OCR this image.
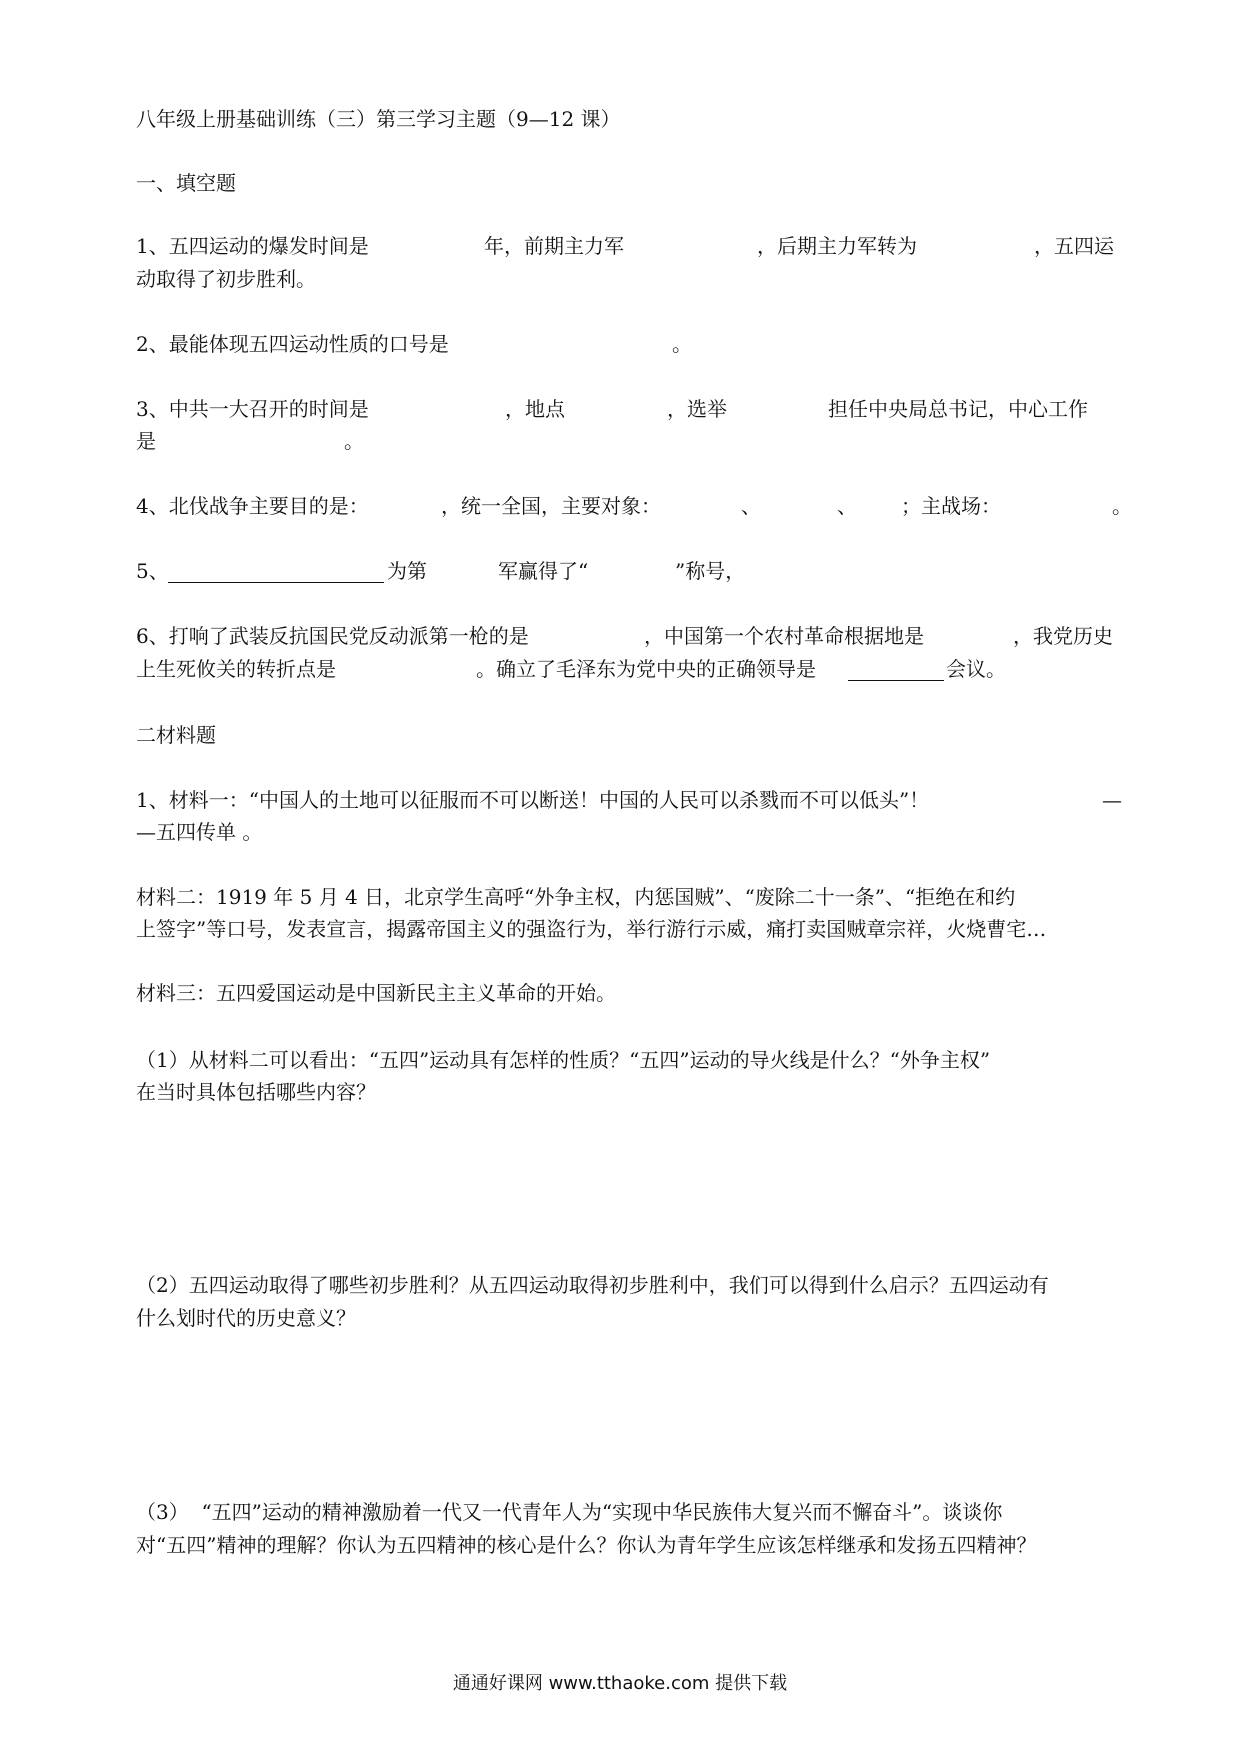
八年级上册基础训练（三）第三学习主题（9—12 课）
一、填空题
1、五四运动的爆发时间是	年，前期主力军	，后期主力军转为	，五四运
动取得了初步胜利。
2、最能体现五四运动性质的口号是	。
3、中共一大召开的时间是	，地点	，选举	担任中央局总书记，中心工作
是	。
4、北伐战争主要目的是：	，统一全国，主要对象：	、	、 ；主战场：	。
5、	为第	军赢得了“	”称号，
6、打响了武装反抗国民党反动派第一枪的是	，中国第一个农村革命根据地是	，我党历史
上生死攸关的转折点是	。确立了毛泽东为党中央的正确领导是	会议。
二材料题
1、材料一：“中国人的土地可以征服而不可以断送！中国的人民可以杀戮而不可以低头”！	—
—五四传单 。
材料二：1919 年 5 月 4 日，北京学生高呼“外争主权，内惩国贼”、“废除二十一条”、“拒绝在和约
上签字”等口号，发表宣言，揭露帝国主义的强盗行为，举行游行示威，痛打卖国贼章宗祥，火烧曹宅…
材料三：五四爱国运动是中国新民主主义革命的开始。
（1）从材料二可以看出：“五四”运动具有怎样的性质？“五四”运动的导火线是什么？“外争主权”
在当时具体包括哪些内容？
（2）五四运动取得了哪些初步胜利？从五四运动取得初步胜利中，我们可以得到什么启示？五四运动有
什么划时代的历史意义？
（3）  “五四”运动的精神激励着一代又一代青年人为“实现中华民族伟大复兴而不懈奋斗”。谈谈你
对“五四”精神的理解？你认为五四精神的核心是什么？你认为青年学生应该怎样继承和发扬五四精神？
通通好课网 www.tthaoke.com 提供下载
